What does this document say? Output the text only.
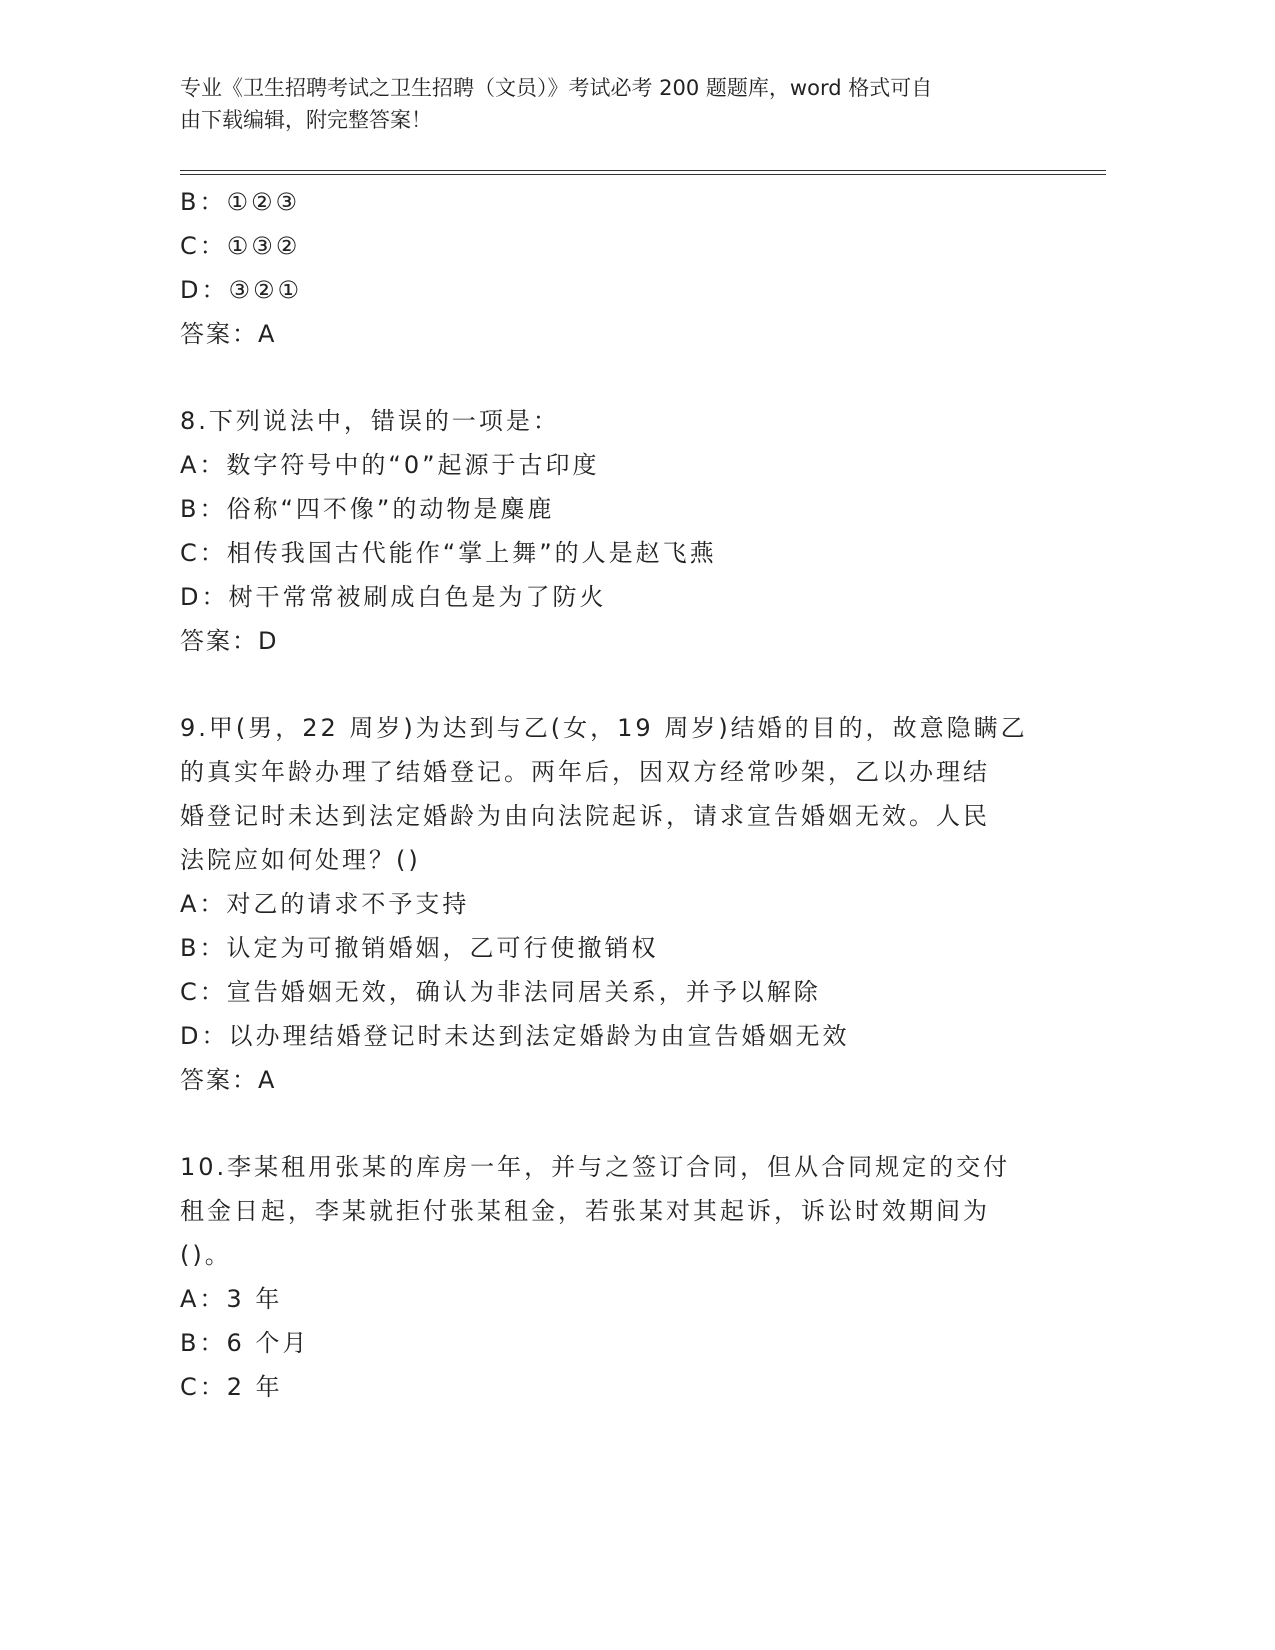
专业《卫生招聘考试之卫生招聘（文员）》考试必考 200 题题库，word 格式可自
由下载编辑，附完整答案！
B：①②③
C：①③②
D：③②①
答案：A
8.下列说法中，错误的一项是：
A：数字符号中的“0”起源于古印度
B：俗称“四不像”的动物是麋鹿
C：相传我国古代能作“掌上舞”的人是赵飞燕
D：树干常常被刷成白色是为了防火
答案：D
9.甲(男，22 周岁)为达到与乙(女，19 周岁)结婚的目的，故意隐瞒乙
的真实年龄办理了结婚登记。两年后，因双方经常吵架，乙以办理结
婚登记时未达到法定婚龄为由向法院起诉，请求宣告婚姻无效。人民
法院应如何处理？()
A：对乙的请求不予支持
B：认定为可撤销婚姻，乙可行使撤销权
C：宣告婚姻无效，确认为非法同居关系，并予以解除
D：以办理结婚登记时未达到法定婚龄为由宣告婚姻无效
答案：A
10.李某租用张某的库房一年，并与之签订合同，但从合同规定的交付
租金日起，李某就拒付张某租金，若张某对其起诉，诉讼时效期间为
()。
A：3 年
B：6 个月
C：2 年
